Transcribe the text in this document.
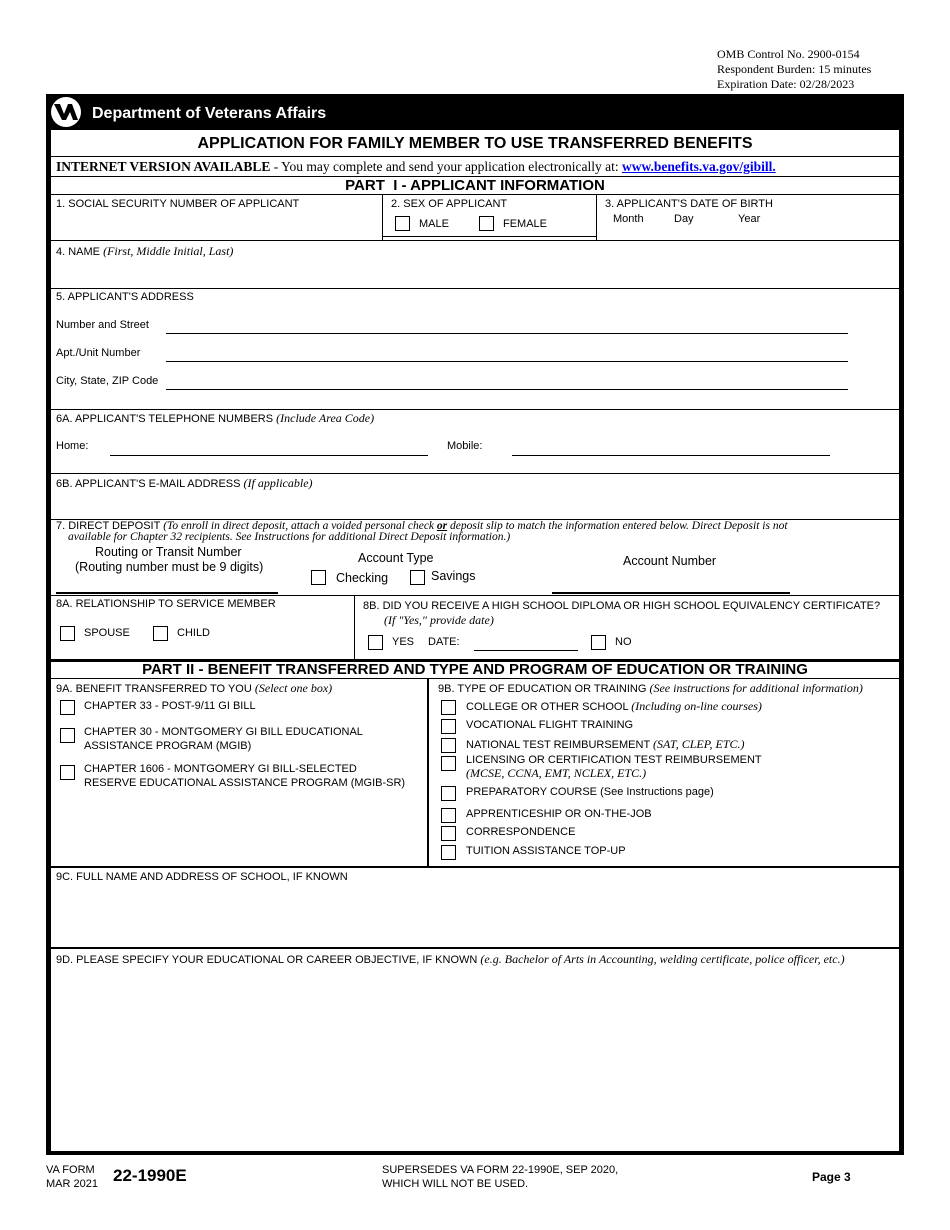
OMB Control No. 2900-0154
Respondent Burden: 15 minutes
Expiration Date: 02/28/2023
Department of Veterans Affairs
APPLICATION FOR FAMILY MEMBER TO USE TRANSFERRED BENEFITS
INTERNET VERSION AVAILABLE - You may complete and send your application electronically at: www.benefits.va.gov/gibill.
PART  I - APPLICANT INFORMATION
1. SOCIAL SECURITY NUMBER OF APPLICANT	2. SEX OF APPLICANT
MALE	FEMALE
3. APPLICANT'S DATE OF BIRTH
Month	Day	Year
4. NAME (First, Middle Initial, Last)
5. APPLICANT'S ADDRESS
Number and Street
Apt./Unit Number
City, State, ZIP Code
6A. APPLICANT'S TELEPHONE NUMBERS (Include Area Code)
Home:	Mobile:
6B. APPLICANT'S E-MAIL ADDRESS (If applicable)
7. DIRECT DEPOSIT (To enroll in direct deposit, attach a voided personal check or deposit slip to match the information entered below. Direct Deposit is not
available for Chapter 32 recipients. See Instructions for additional Direct Deposit information.)
Routing or Transit Number
(Routing number must be 9 digits)
Account Type
Checking	Savings
Account Number
8A. RELATIONSHIP TO SERVICE MEMBER
SPOUSE	CHILD
8B. DID YOU RECEIVE A HIGH SCHOOL DIPLOMA OR HIGH SCHOOL EQUIVALENCY CERTIFICATE?
(If "Yes," provide date)
YES DATE:	NO
PART II - BENEFIT TRANSFERRED AND TYPE AND PROGRAM OF EDUCATION OR TRAINING
9A. BENEFIT TRANSFERRED TO YOU (Select one box)
CHAPTER 33 - POST-9/11 GI BILL
CHAPTER 30 - MONTGOMERY GI BILL EDUCATIONAL
ASSISTANCE PROGRAM (MGIB)
CHAPTER 1606 - MONTGOMERY GI BILL-SELECTED
RESERVE EDUCATIONAL ASSISTANCE PROGRAM (MGIB-SR)
9B. TYPE OF EDUCATION OR TRAINING (See instructions for additional information)
COLLEGE OR OTHER SCHOOL (Including on-line courses)
VOCATIONAL FLIGHT TRAINING
NATIONAL TEST REIMBURSEMENT (SAT, CLEP, ETC.)
LICENSING OR CERTIFICATION TEST REIMBURSEMENT
(MCSE, CCNA, EMT, NCLEX, ETC.)
PREPARATORY COURSE (See Instructions page)
APPRENTICESHIP OR ON-THE-JOB
CORRESPONDENCE
TUITION ASSISTANCE TOP-UP
9C. FULL NAME AND ADDRESS OF SCHOOL, IF KNOWN
9D. PLEASE SPECIFY YOUR EDUCATIONAL OR CAREER OBJECTIVE, IF KNOWN (e.g. Bachelor of Arts in Accounting, welding certificate, police officer, etc.)
VA FORM
MAR 2021 22-1990E	SUPERSEDES VA FORM 22-1990E, SEP 2020,
WHICH WILL NOT BE USED.	Page 3
